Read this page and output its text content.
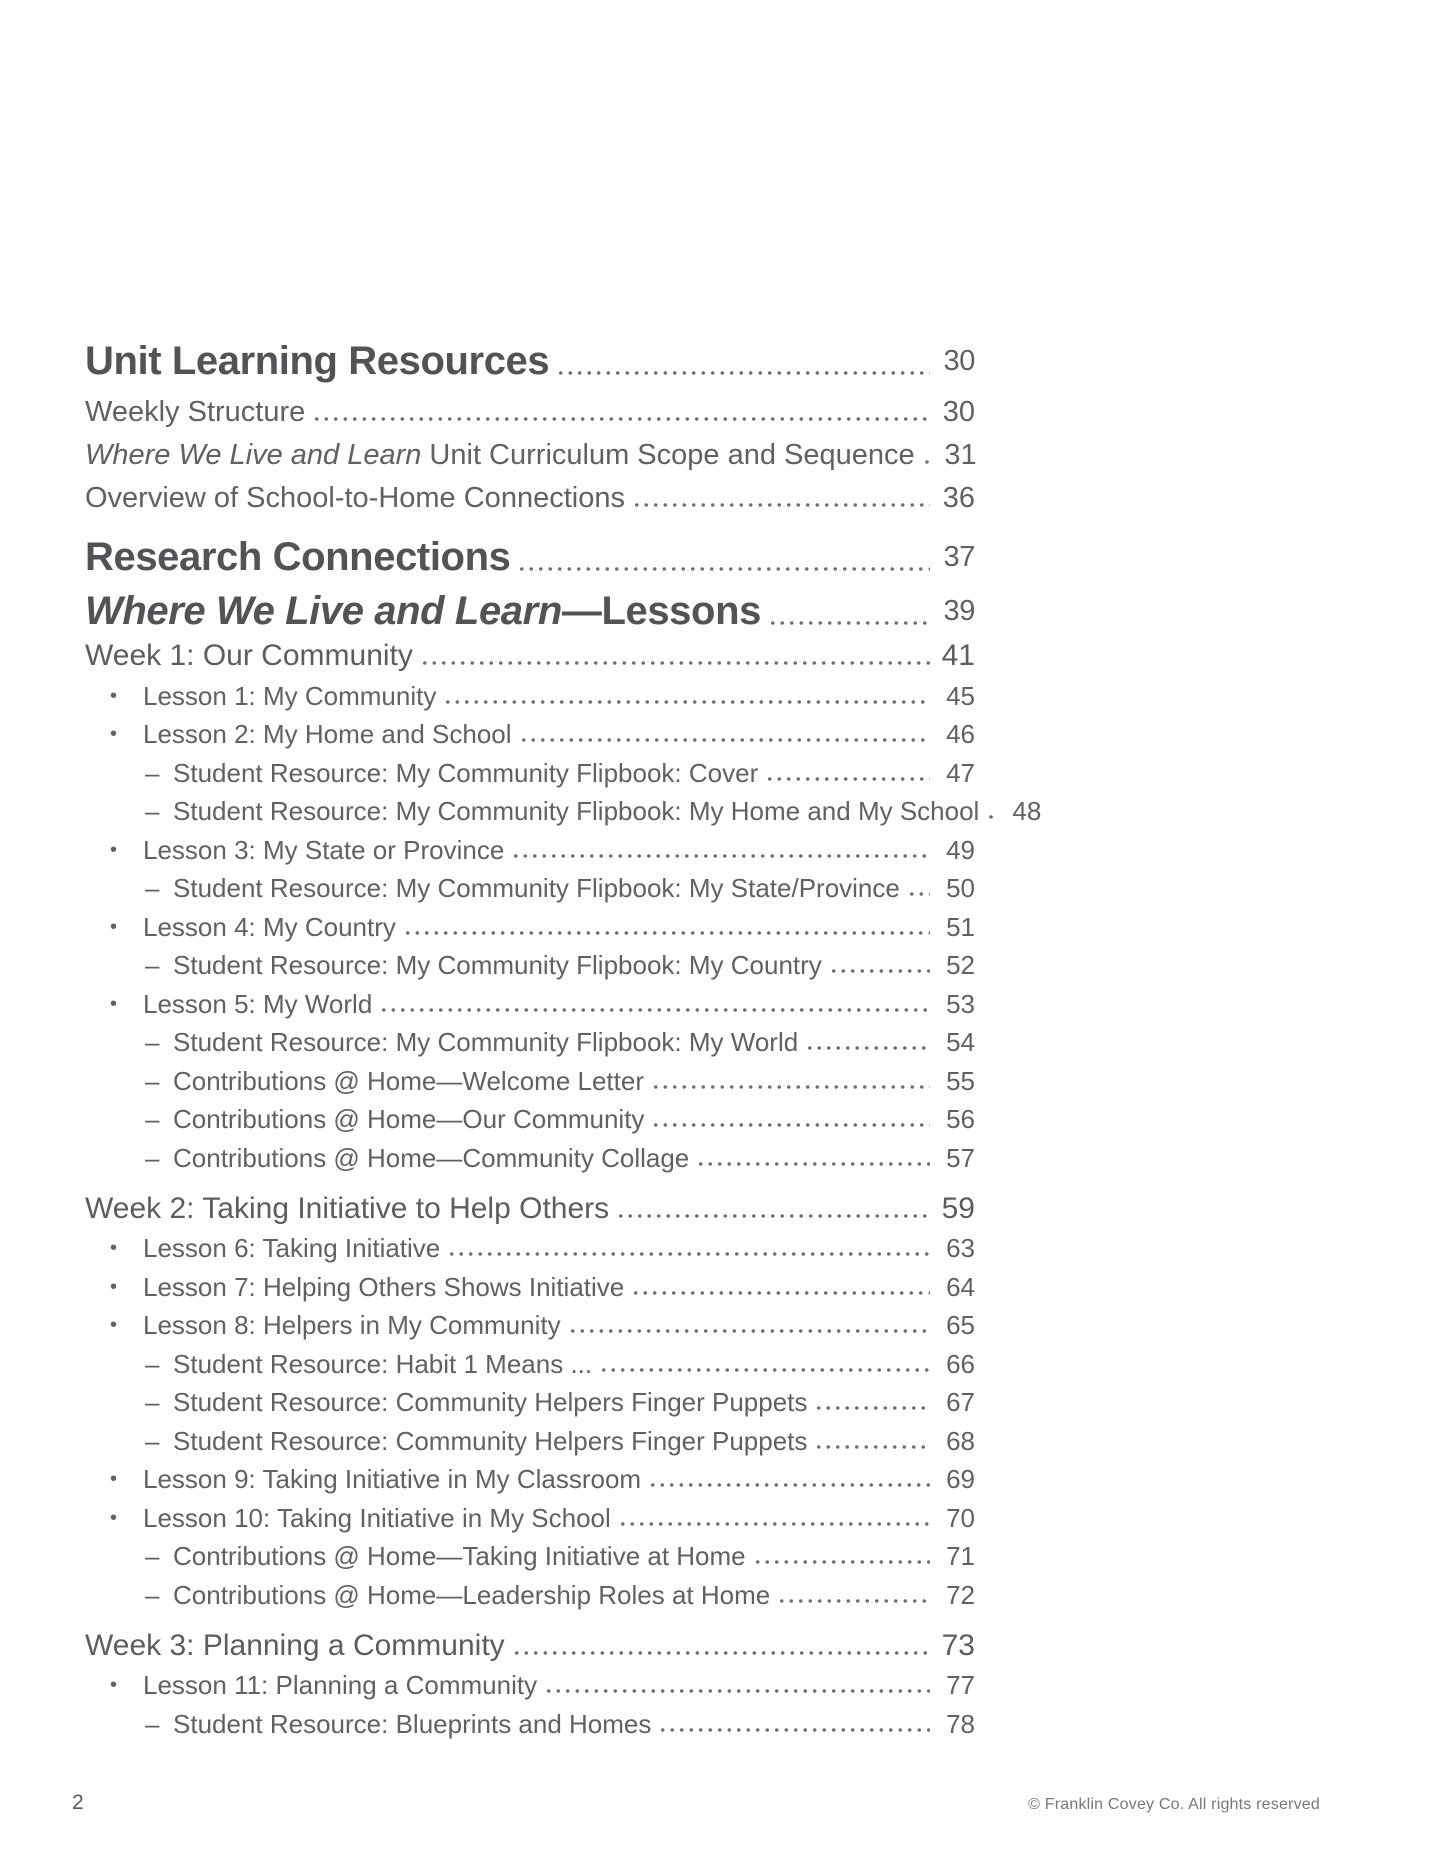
Unit Learning Resources	30
Weekly Structure	30
Where We Live and Learn Unit Curriculum Scope and Sequence 31
Overview of School-to-Home Connections	36
Research Connections	37
Where We Live and Learn—Lessons	39
Week 1: Our Community	41
• Lesson 1: My Community	45
• Lesson 2: My Home and School	46
– Student Resource: My Community Flipbook: Cover	47
– Student Resource: My Community Flipbook: My Home and My School 48
• Lesson 3: My State or Province	49
– Student Resource: My Community Flipbook: My State/Province 50
• Lesson 4: My Country	51
– Student Resource: My Community Flipbook: My Country	52
• Lesson 5: My World	53
– Student Resource: My Community Flipbook: My World	54
– Contributions @ Home—Welcome Letter	55
– Contributions @ Home—Our Community	56
– Contributions @ Home—Community Collage	57
Week 2: Taking Initiative to Help Others	59
• Lesson 6: Taking Initiative	63
• Lesson 7: Helping Others Shows Initiative	64
• Lesson 8: Helpers in My Community	65
– Student Resource: Habit 1 Means ...	66
– Student Resource: Community Helpers Finger Puppets	67
– Student Resource: Community Helpers Finger Puppets	68
• Lesson 9: Taking Initiative in My Classroom	69
• Lesson 10: Taking Initiative in My School	70
– Contributions @ Home—Taking Initiative at Home	71
– Contributions @ Home—Leadership Roles at Home	72
Week 3: Planning a Community	73
• Lesson 11: Planning a Community	77
– Student Resource: Blueprints and Homes	78
2	© Franklin Covey Co. All rights reserved
